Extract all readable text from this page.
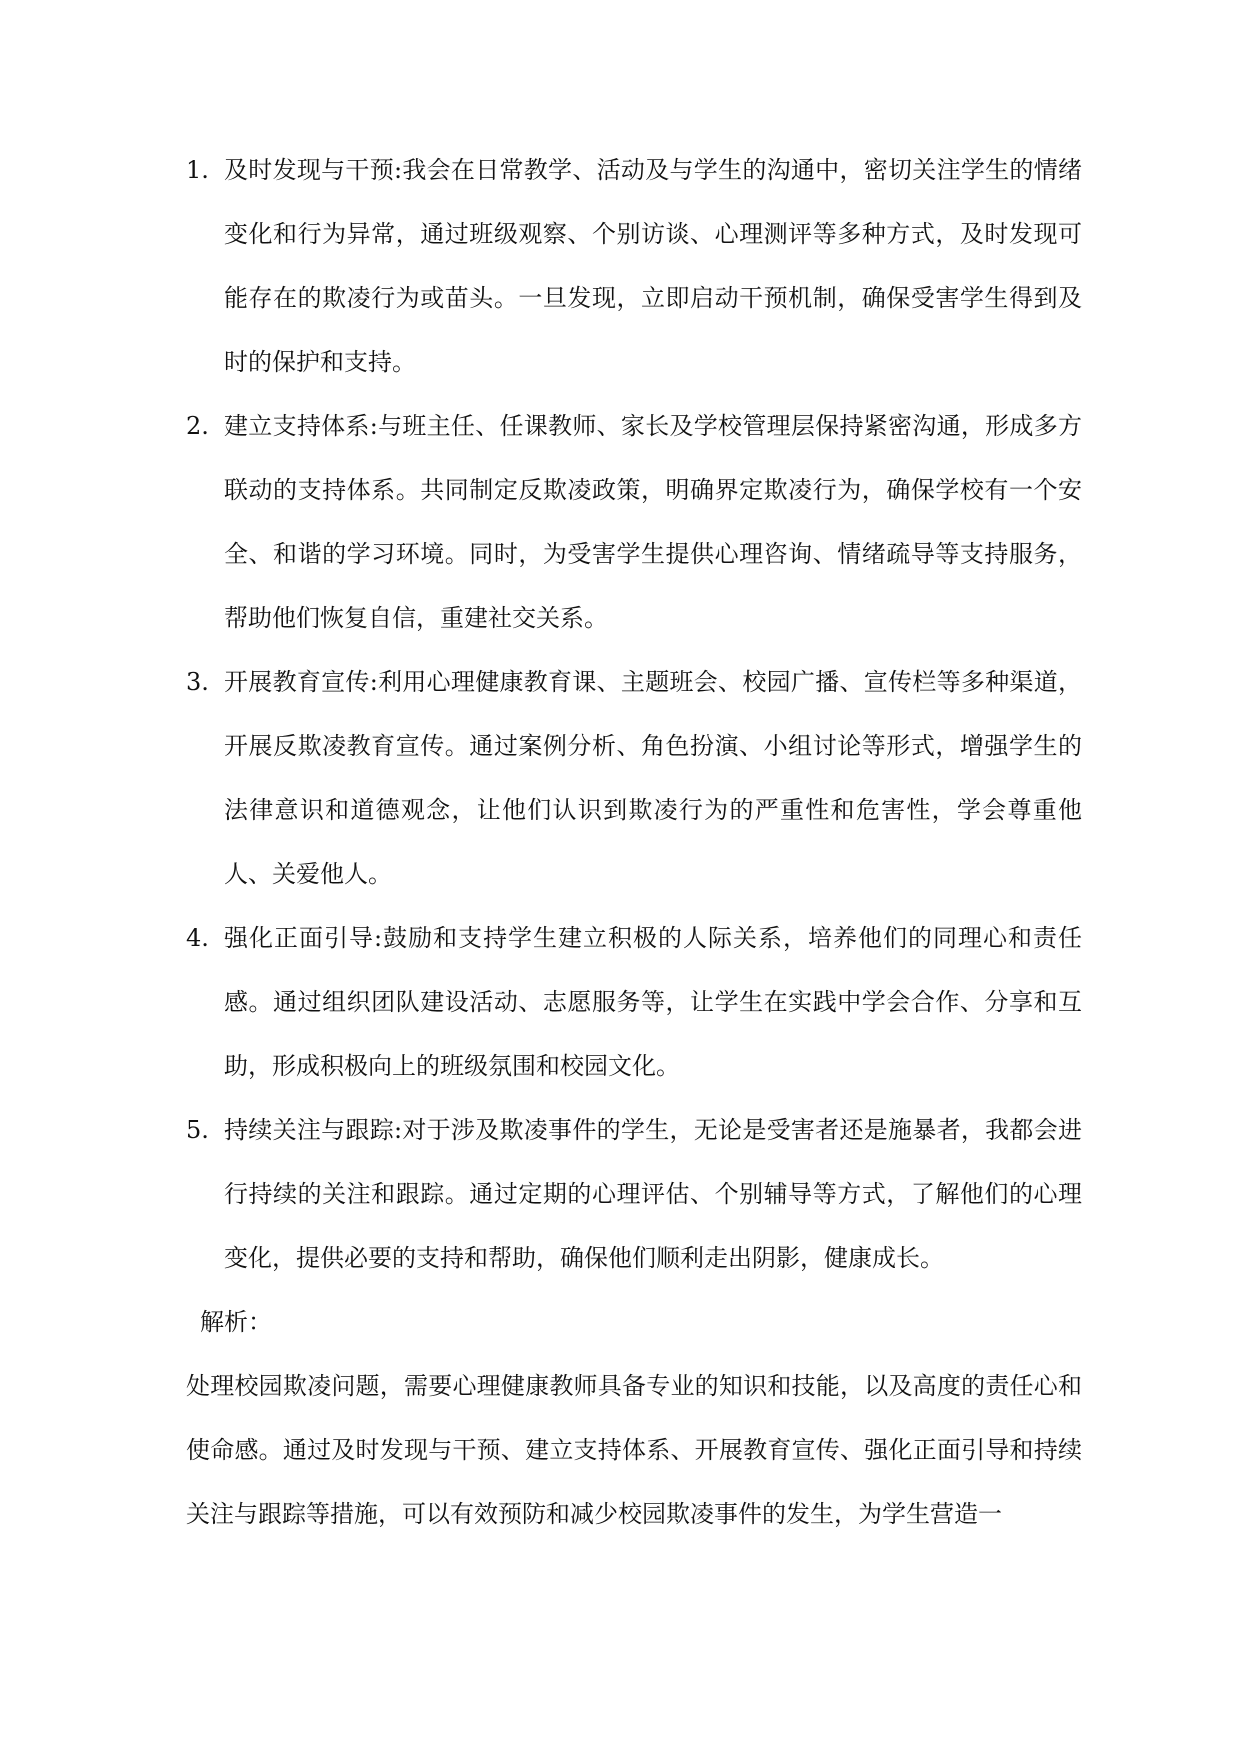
1. 及时发现与干预:我会在日常教学、活动及与学生的沟通中，密切关注学生的情绪变化和行为异常，通过班级观察、个别访谈、心理测评等多种方式，及时发现可能存在的欺凌行为或苗头。一旦发现，立即启动干预机制，确保受害学生得到及时的保护和支持。
2. 建立支持体系:与班主任、任课教师、家长及学校管理层保持紧密沟通，形成多方联动的支持体系。共同制定反欺凌政策，明确界定欺凌行为，确保学校有一个安全、和谐的学习环境。同时，为受害学生提供心理咨询、情绪疏导等支持服务，帮助他们恢复自信，重建社交关系。
3. 开展教育宣传:利用心理健康教育课、主题班会、校园广播、宣传栏等多种渠道，开展反欺凌教育宣传。通过案例分析、角色扮演、小组讨论等形式，增强学生的法律意识和道德观念，让他们认识到欺凌行为的严重性和危害性，学会尊重他人、关爱他人。
4. 强化正面引导:鼓励和支持学生建立积极的人际关系，培养他们的同理心和责任感。通过组织团队建设活动、志愿服务等，让学生在实践中学会合作、分享和互助，形成积极向上的班级氛围和校园文化。
5. 持续关注与跟踪:对于涉及欺凌事件的学生，无论是受害者还是施暴者，我都会进行持续的关注和跟踪。通过定期的心理评估、个别辅导等方式，了解他们的心理变化，提供必要的支持和帮助，确保他们顺利走出阴影，健康成长。

解析：

处理校园欺凌问题，需要心理健康教师具备专业的知识和技能，以及高度的责任心和使命感。通过及时发现与干预、建立支持体系、开展教育宣传、强化正面引导和持续关注与跟踪等措施，可以有效预防和减少校园欺凌事件的发生，为学生营造一
